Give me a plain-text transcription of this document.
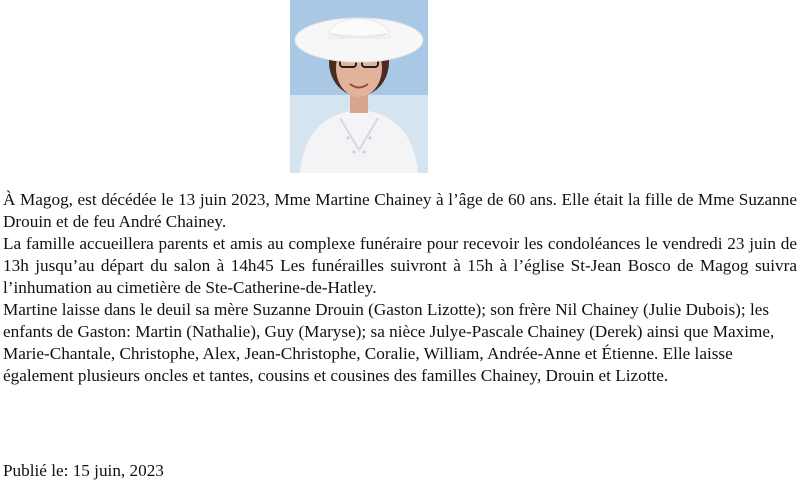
À Magog, est décédée le 13 juin 2023, Mme Martine Chainey à l’âge de 60 ans. Elle était la fille de Mme Suzanne Drouin et de feu André Chainey.

La famille accueillera parents et amis au complexe funéraire pour recevoir les condoléances le vendredi 23 juin de 13h jusqu’au départ du salon à 14h45 Les funérailles suivront à 15h à l’église St-Jean Bosco de Magog suivra l’inhumation au cimetière de Ste-Catherine-de-Hatley.

Martine laisse dans le deuil sa mère Suzanne Drouin (Gaston Lizotte); son frère Nil Chainey (Julie Dubois); les enfants de Gaston: Martin (Nathalie), Guy (Maryse); sa nièce Julye-Pascale Chainey (Derek) ainsi que Maxime, Marie-Chantale, Christophe, Alex, Jean-Christophe, Coralie, William, Andrée-Anne et Étienne. Elle laisse également plusieurs oncles et tantes, cousins et cousines des familles Chainey, Drouin et Lizotte.

Publié le: 15 juin, 2023
